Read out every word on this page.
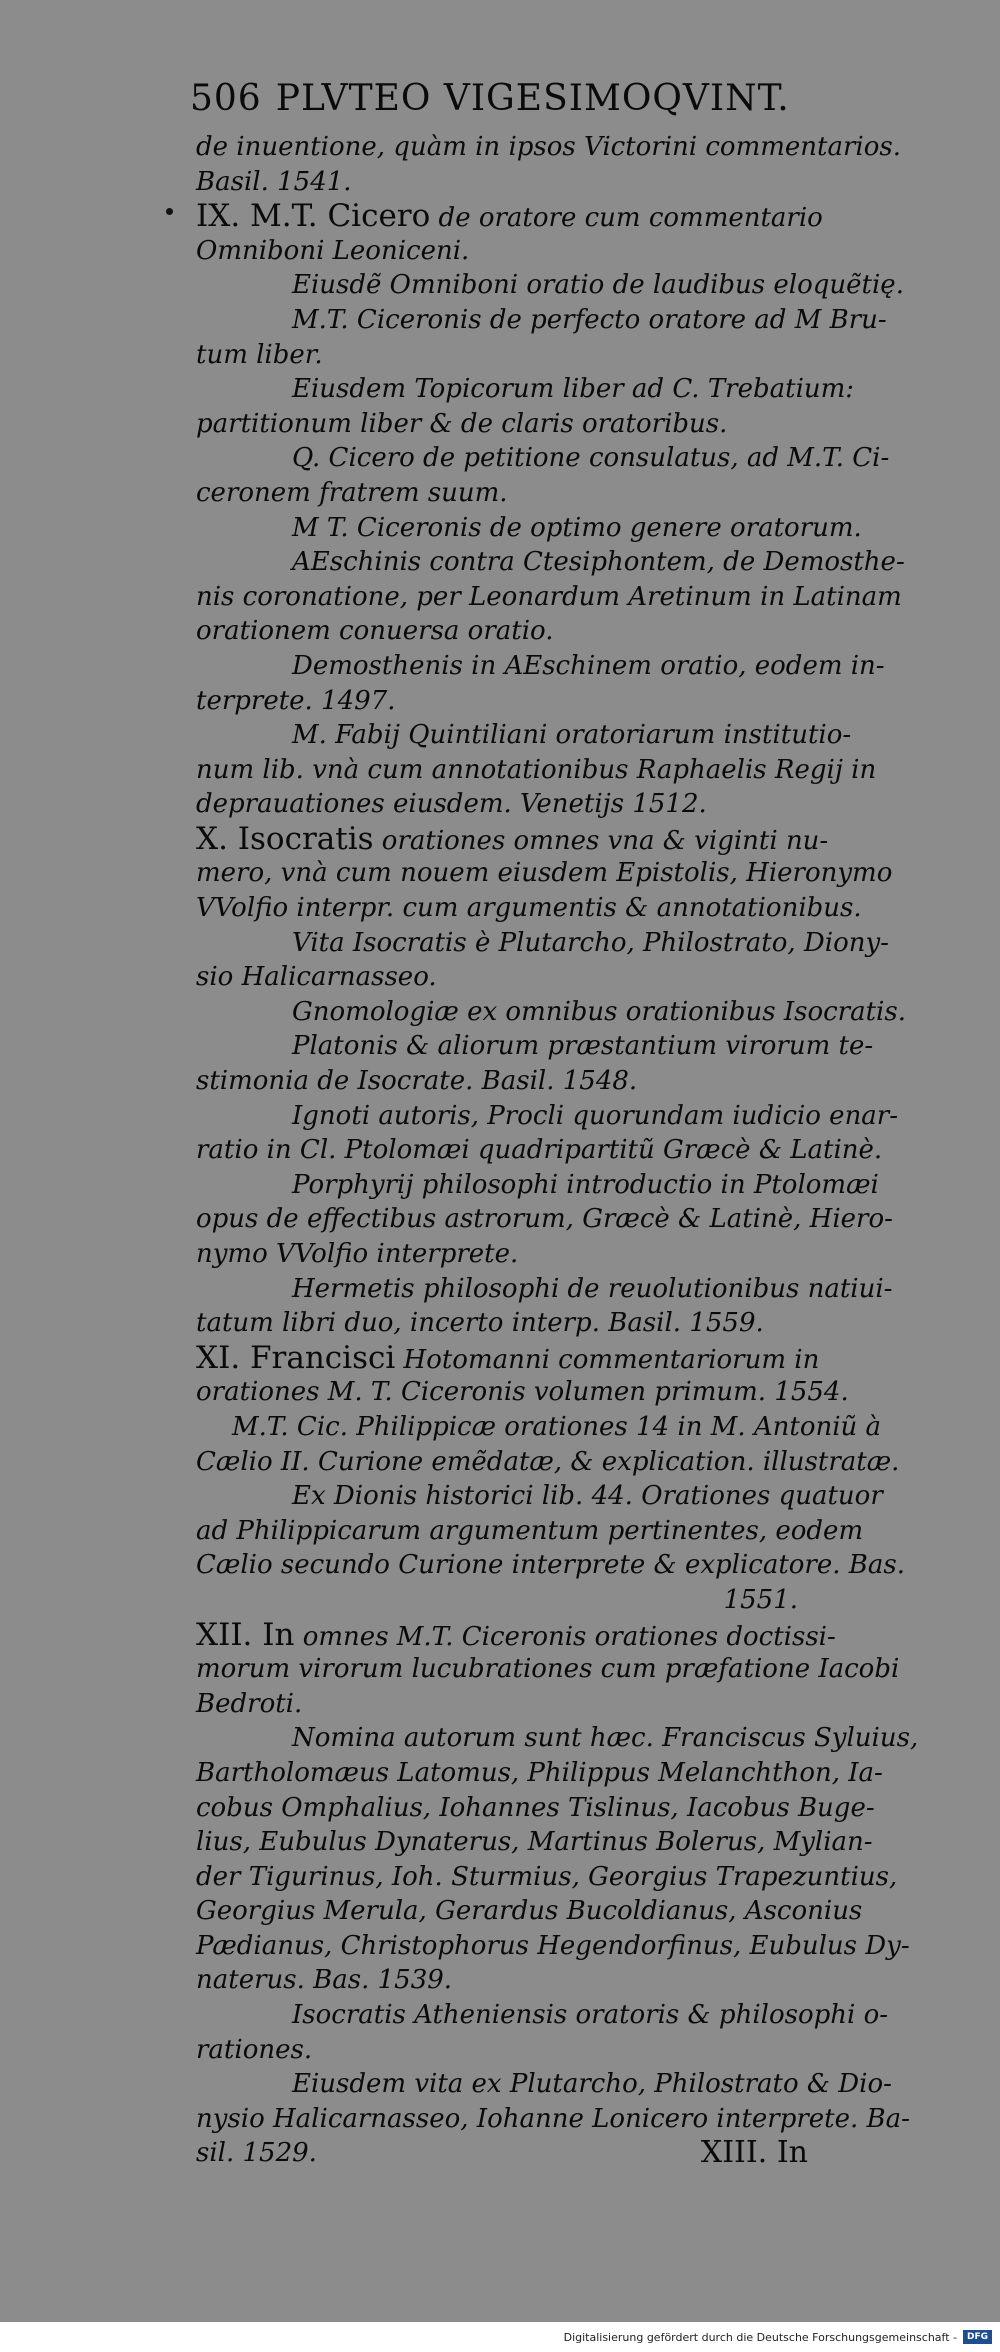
506 PLVTEO VIGESIMOQVINT.
de inuentione, quàm in ipsos Victorini commentarios.
Basil. 1541.
IX. M.T. Cicero de oratore cum commentario
Omniboni Leoniceni.
Eiusdẽ Omniboni oratio de laudibus eloquẽtię.
M.T. Ciceronis de perfecto oratore ad M Bru-
tum liber.
Eiusdem Topicorum liber ad C. Trebatium:
partitionum liber & de claris oratoribus.
Q. Cicero de petitione consulatus, ad M.T. Ci-
ceronem fratrem suum.
M T. Ciceronis de optimo genere oratorum.
AEschinis contra Ctesiphontem, de Demosthe-
nis coronatione, per Leonardum Aretinum in Latinam
orationem conuersa oratio.
Demosthenis in AEschinem oratio, eodem in-
terprete. 1497.
M. Fabij Quintiliani oratoriarum institutio-
num lib. vnà cum annotationibus Raphaelis Regij in
deprauationes eiusdem. Venetijs 1512.
X. Isocratis orationes omnes vna & viginti nu-
mero, vnà cum nouem eiusdem Epistolis, Hieronymo
VVolfio interpr. cum argumentis & annotationibus.
Vita Isocratis è Plutarcho, Philostrato, Diony-
sio Halicarnasseo.
Gnomologiæ ex omnibus orationibus Isocratis.
Platonis & aliorum præstantium virorum te-
stimonia de Isocrate. Basil. 1548.
Ignoti autoris, Procli quorundam iudicio enar-
ratio in Cl. Ptolomæi quadripartitũ Græcè & Latinè.
Porphyrij philosophi introductio in Ptolomæi
opus de effectibus astrorum, Græcè & Latinè, Hiero-
nymo VVolfio interprete.
Hermetis philosophi de reuolutionibus natiui-
tatum libri duo, incerto interp. Basil. 1559.
XI. Francisci Hotomanni commentariorum in
orationes M. T. Ciceronis volumen primum. 1554.
M.T. Cic. Philippicæ orationes 14 in M. Antoniũ à
Cælio II. Curione emẽdatæ, & explication. illustratæ.
Ex Dionis historici lib. 44. Orationes quatuor
ad Philippicarum argumentum pertinentes, eodem
Cælio secundo Curione interprete & explicatore. Bas.
1551.
XII. In omnes M.T. Ciceronis orationes doctissi-
morum virorum lucubrationes cum præfatione Iacobi
Bedroti.
Nomina autorum sunt hæc. Franciscus Syluius,
Bartholomæus Latomus, Philippus Melanchthon, Ia-
cobus Omphalius, Iohannes Tislinus, Iacobus Buge-
lius, Eubulus Dynaterus, Martinus Bolerus, Mylian-
der Tigurinus, Ioh. Sturmius, Georgius Trapezuntius,
Georgius Merula, Gerardus Bucoldianus, Asconius
Pædianus, Christophorus Hegendorfinus, Eubulus Dy-
naterus. Bas. 1539.
Isocratis Atheniensis oratoris & philosophi o-
rationes.
Eiusdem vita ex Plutarcho, Philostrato & Dio-
nysio Halicarnasseo, Iohanne Lonicero interprete. Ba-
sil. 1529.	XIII. In
Digitalisierung gefördert durch die Deutsche Forschungsgemeinschaft -	DFG
